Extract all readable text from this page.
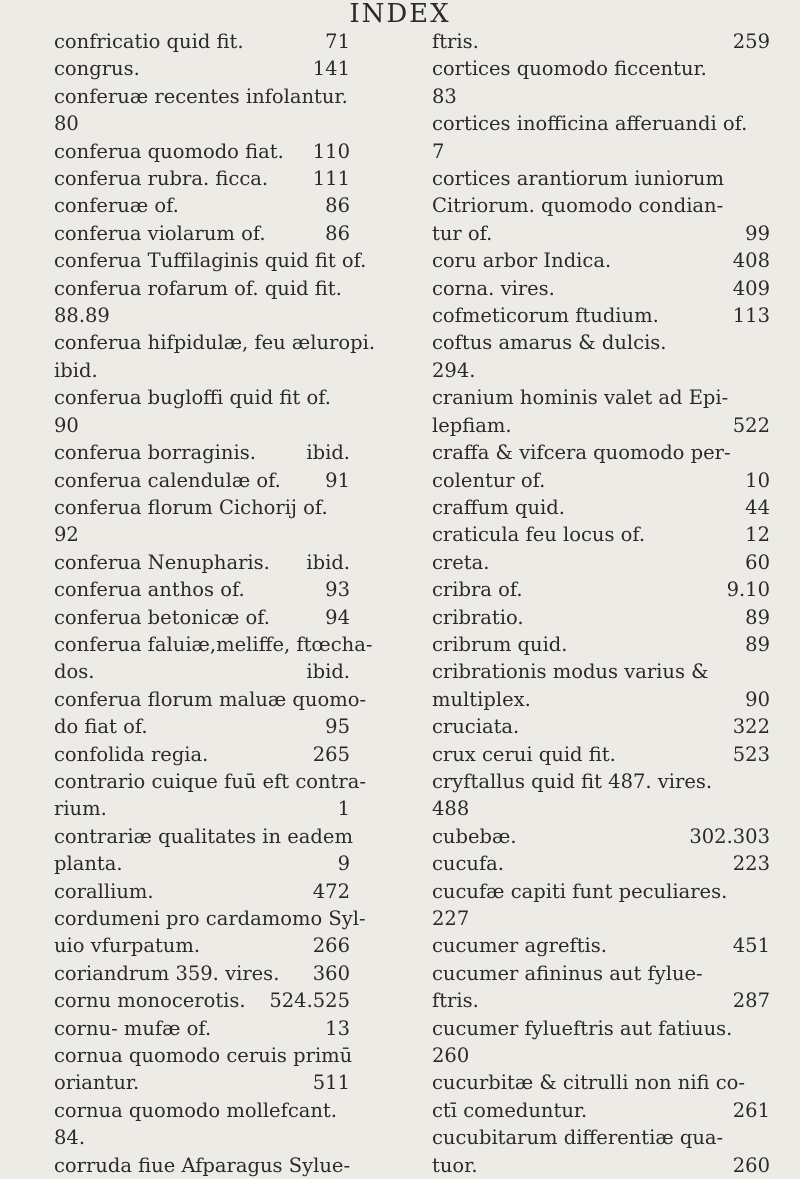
INDEX
confricatio quid fit.	71
congrus.	141
conferuæ recentes infolantur.
80
conferua quomodo fiat. 110
conferua rubra. ficca. 111
conferuæ of.	86
conferua violarum of.	86
conferua Tuffilaginis quid fit of.
conferua rofarum of. quid fit.
88.89
conferua hifpidulæ, feu æluropi.
ibid.
conferua bugloffi quid fit of.
90
conferua borraginis.	ibid.
conferua calendulæ of. 91
conferua florum Cichorij of.
92
conferua Nenupharis. ibid.
conferua anthos of.	93
conferua betonicæ of.	94
conferua faluiæ,meliffe, ftœcha-
dos.	ibid.
conferua florum maluæ quomo-
do fiat of.	95
confolida regia.	265
contrario cuique fuū eft contra-
rium.	1
contrariæ qualitates in eadem
planta.	9
corallium.	472
cordumeni pro cardamomo Syl-
uio vfurpatum.	266
coriandrum 359. vires. 360
cornu monocerotis. 524.525
cornu- mufæ of.	13
cornua quomodo ceruis primū
oriantur.	511
cornua quomodo mollefcant.
84.
corruda fiue Afparagus Sylue-
ftris.	259
cortices quomodo ficcentur.
83
cortices inofficina afferuandi of.
7
cortices arantiorum iuniorum
Citriorum. quomodo condian-
tur of.	99
coru arbor Indica.	408
corna. vires.	409
cofmeticorum ftudium.	113
coftus amarus & dulcis.
294.
cranium hominis valet ad Epi-
lepfiam.	522
craffa & vifcera quomodo per-
colentur of.	10
craffum quid.	44
craticula feu locus of.	12
creta.	60
cribra of.	9.10
cribratio.	89
cribrum quid.	89
cribrationis modus varius &
multiplex.	90
cruciata.	322
crux cerui quid fit.	523
cryftallus quid fit 487. vires.
488
cubebæ.	302.303
cucufa.	223
cucufæ capiti funt peculiares.
227
cucumer agreftis.	451
cucumer afininus aut fylue-
ftris.	287
cucumer fylueftris aut fatiuus.
260
cucurbitæ & citrulli non nifi co-
ctī comeduntur.	261
cucubitarum differentiæ qua-
tuor.	260
